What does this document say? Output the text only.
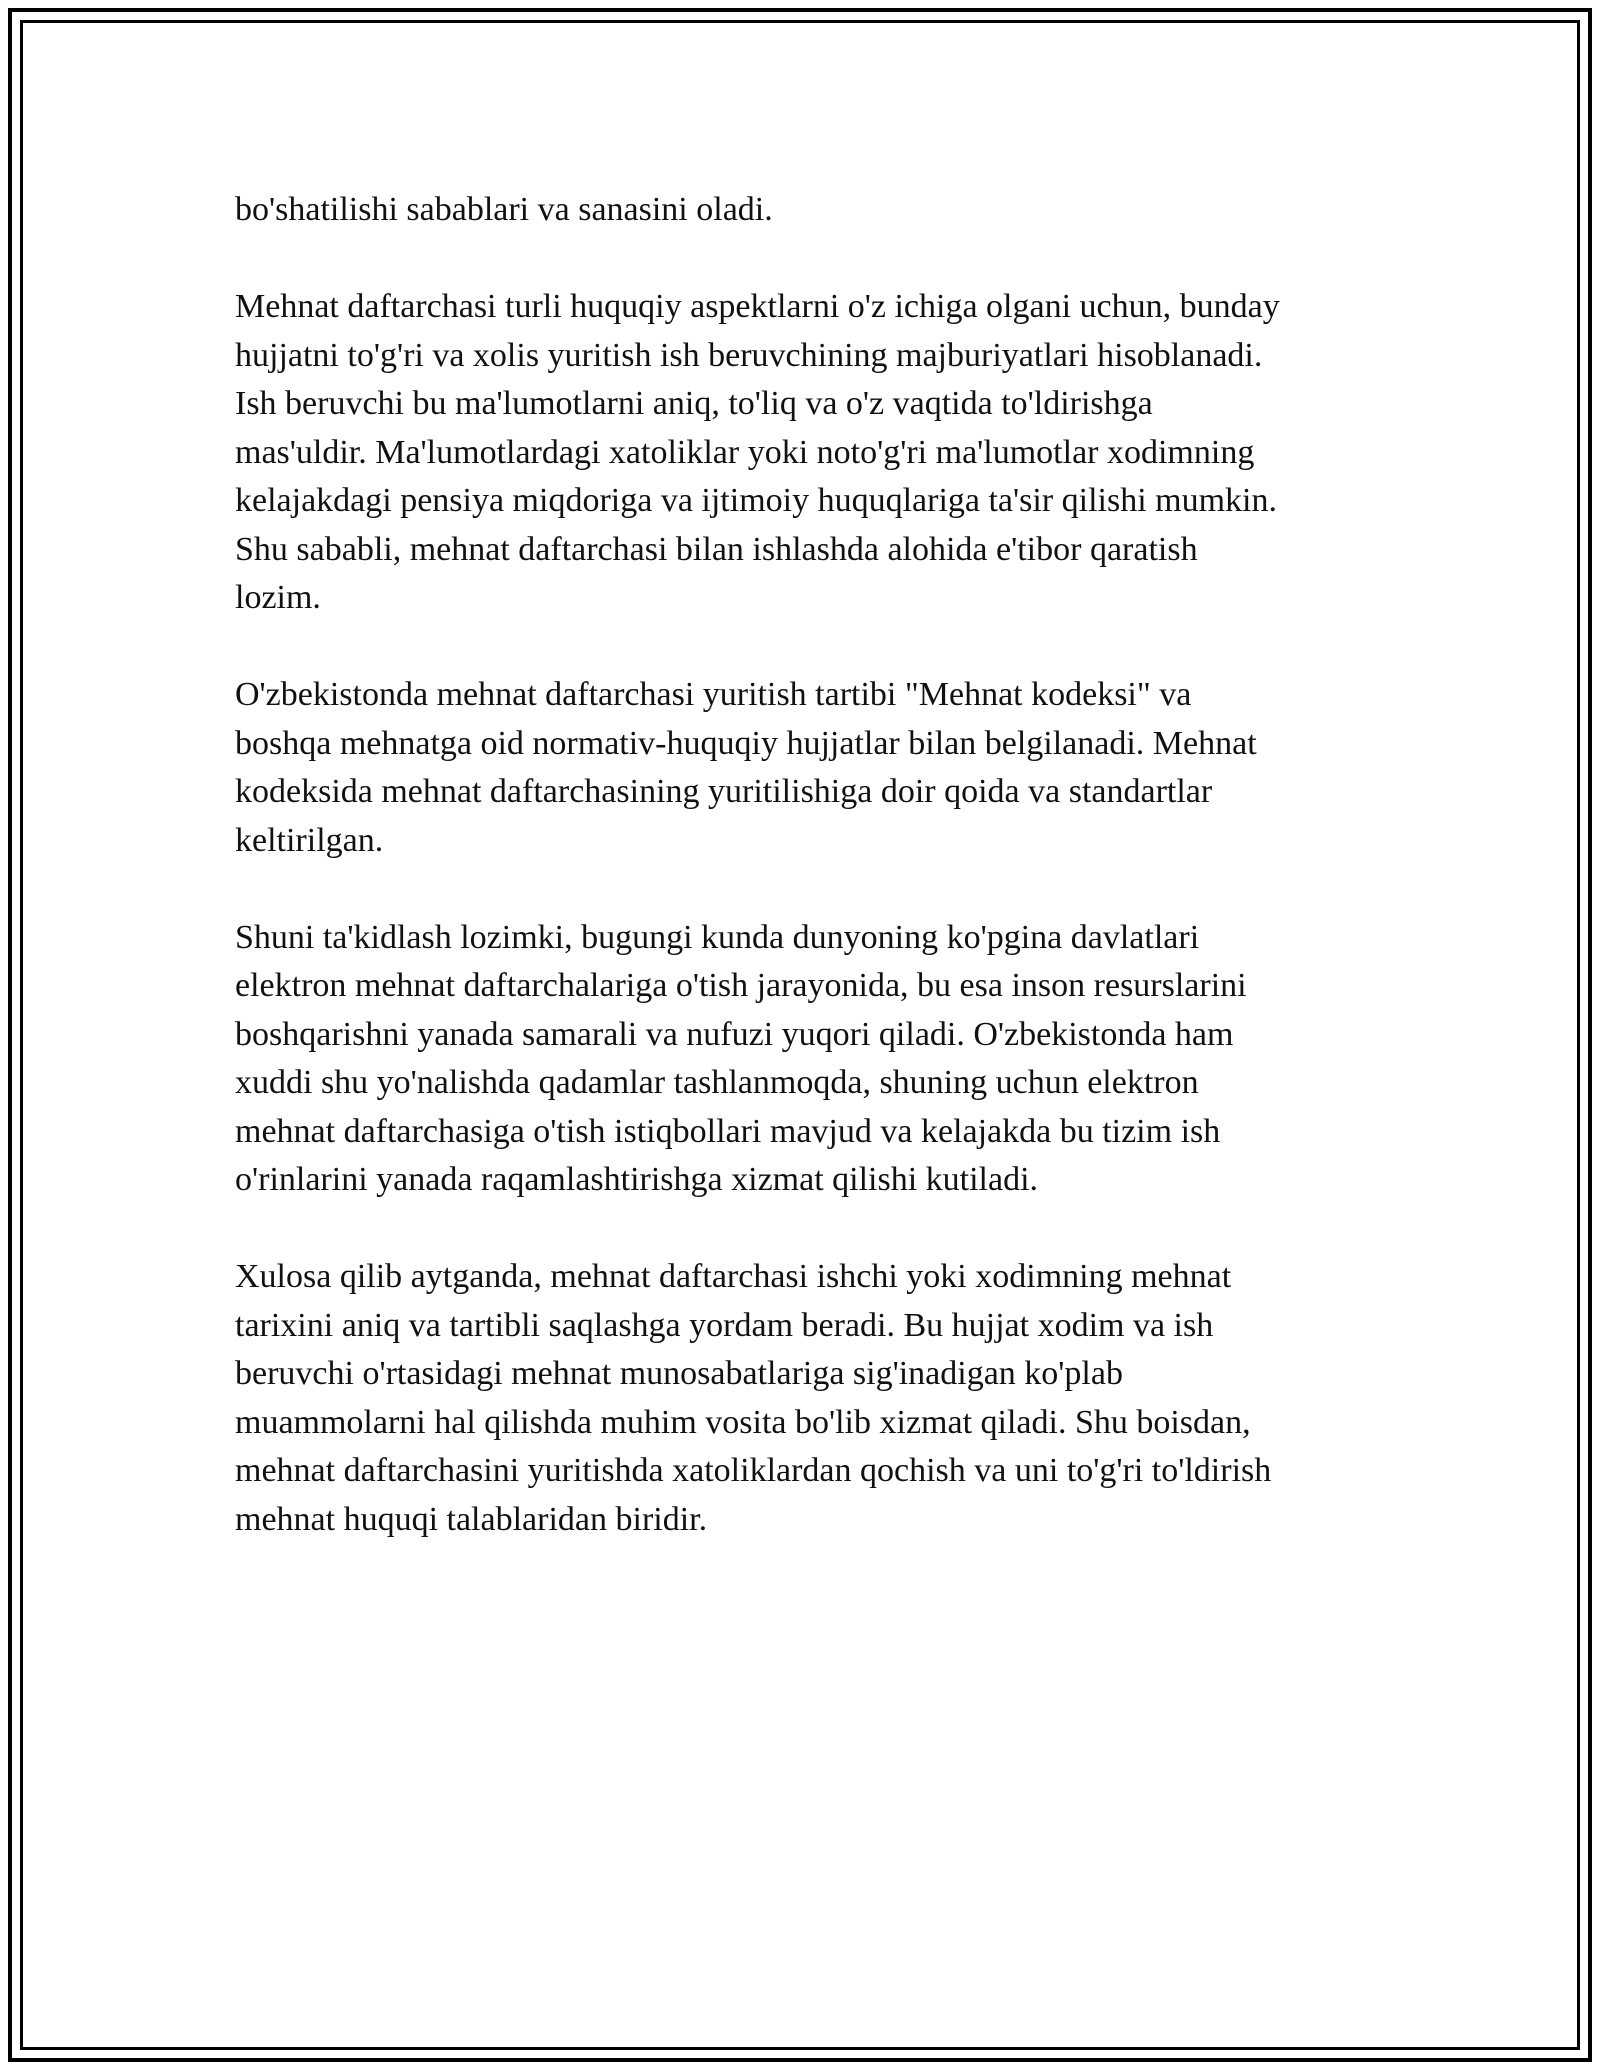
bo'shatilishi sabablari va sanasini oladi.

Mehnat daftarchasi turli huquqiy aspektlarni o'z ichiga olgani uchun, bunday
hujjatni to'g'ri va xolis yuritish ish beruvchining majburiyatlari hisoblanadi.
Ish beruvchi bu ma'lumotlarni aniq, to'liq va o'z vaqtida to'ldirishga
mas'uldir. Ma'lumotlardagi xatoliklar yoki noto'g'ri ma'lumotlar xodimning
kelajakdagi pensiya miqdoriga va ijtimoiy huquqlariga ta'sir qilishi mumkin.
Shu sababli, mehnat daftarchasi bilan ishlashda alohida e'tibor qaratish
lozim.

O'zbekistonda mehnat daftarchasi yuritish tartibi "Mehnat kodeksi" va
boshqa mehnatga oid normativ-huquqiy hujjatlar bilan belgilanadi. Mehnat
kodeksida mehnat daftarchasining yuritilishiga doir qoida va standartlar
keltirilgan.

Shuni ta'kidlash lozimki, bugungi kunda dunyoning ko'pgina davlatlari
elektron mehnat daftarchalariga o'tish jarayonida, bu esa inson resurslarini
boshqarishni yanada samarali va nufuzi yuqori qiladi. O'zbekistonda ham
xuddi shu yo'nalishda qadamlar tashlanmoqda, shuning uchun elektron
mehnat daftarchasiga o'tish istiqbollari mavjud va kelajakda bu tizim ish
o'rinlarini yanada raqamlashtirishga xizmat qilishi kutiladi.

Xulosa qilib aytganda, mehnat daftarchasi ishchi yoki xodimning mehnat
tarixini aniq va tartibli saqlashga yordam beradi. Bu hujjat xodim va ish
beruvchi o'rtasidagi mehnat munosabatlariga sig'inadigan ko'plab
muammolarni hal qilishda muhim vosita bo'lib xizmat qiladi. Shu boisdan,
mehnat daftarchasini yuritishda xatoliklardan qochish va uni to'g'ri to'ldirish
mehnat huquqi talablaridan biridir.
